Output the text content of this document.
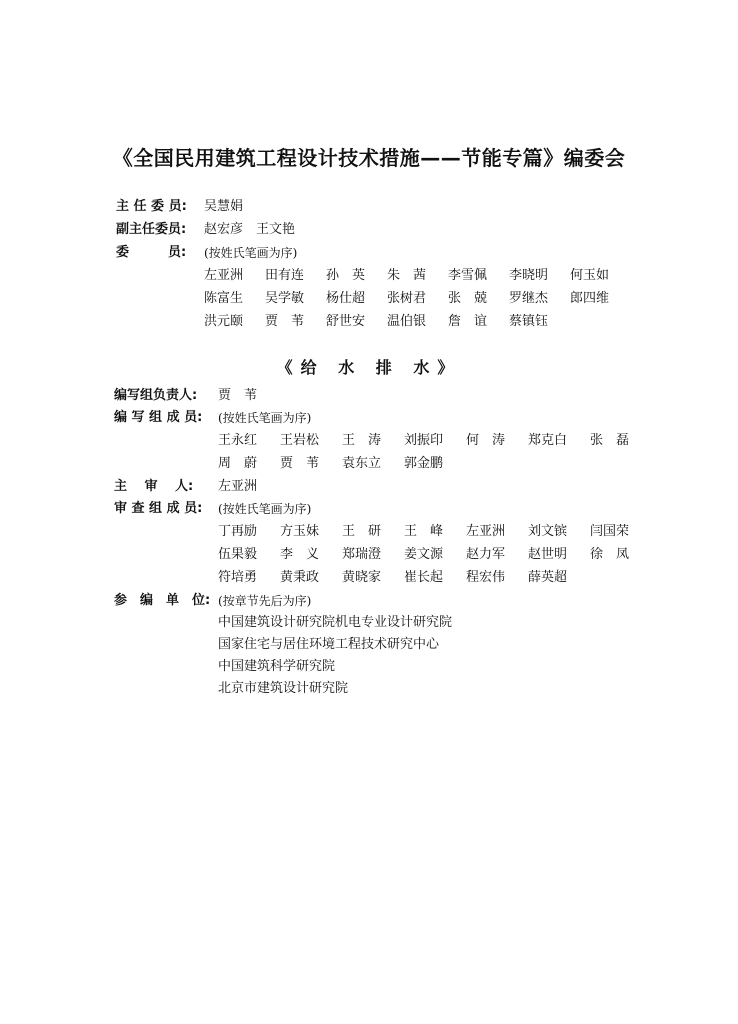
《全国民用建筑工程设计技术措施——节能专篇》编委会
主 任 委 员: 吴慧娟
副主任委员: 赵宏彦　王文艳
委　　　员: (按姓氏笔画为序)
左亚洲	田有连	孙　英	朱　茜	李雪佩	李晓明	何玉如
陈富生	吴学敏	杨仕超	张树君	张　兢	罗继杰	郎四维
洪元颐	贾　苇	舒世安	温伯银	詹　谊	蔡镇钰
《给 水 排 水》
编写组负责人: 贾　苇
编 写 组 成 员: (按姓氏笔画为序)
王永红	王岩松	王　涛	刘振印	何　涛	郑克白	张　磊
周　蔚	贾　苇	袁东立	郭金鹏
主　 审　 人: 左亚洲
审 查 组 成 员: (按姓氏笔画为序)
丁再励	方玉妹	王　研	王　峰	左亚洲	刘文镔	闫国荣
伍果毅	李　义	郑瑞澄	姜文源	赵力军	赵世明	徐　凤
符培勇	黄秉政	黄晓家	崔长起	程宏伟	薛英超
参　编　单　位: (按章节先后为序)
中国建筑设计研究院机电专业设计研究院
国家住宅与居住环境工程技术研究中心
中国建筑科学研究院
北京市建筑设计研究院
